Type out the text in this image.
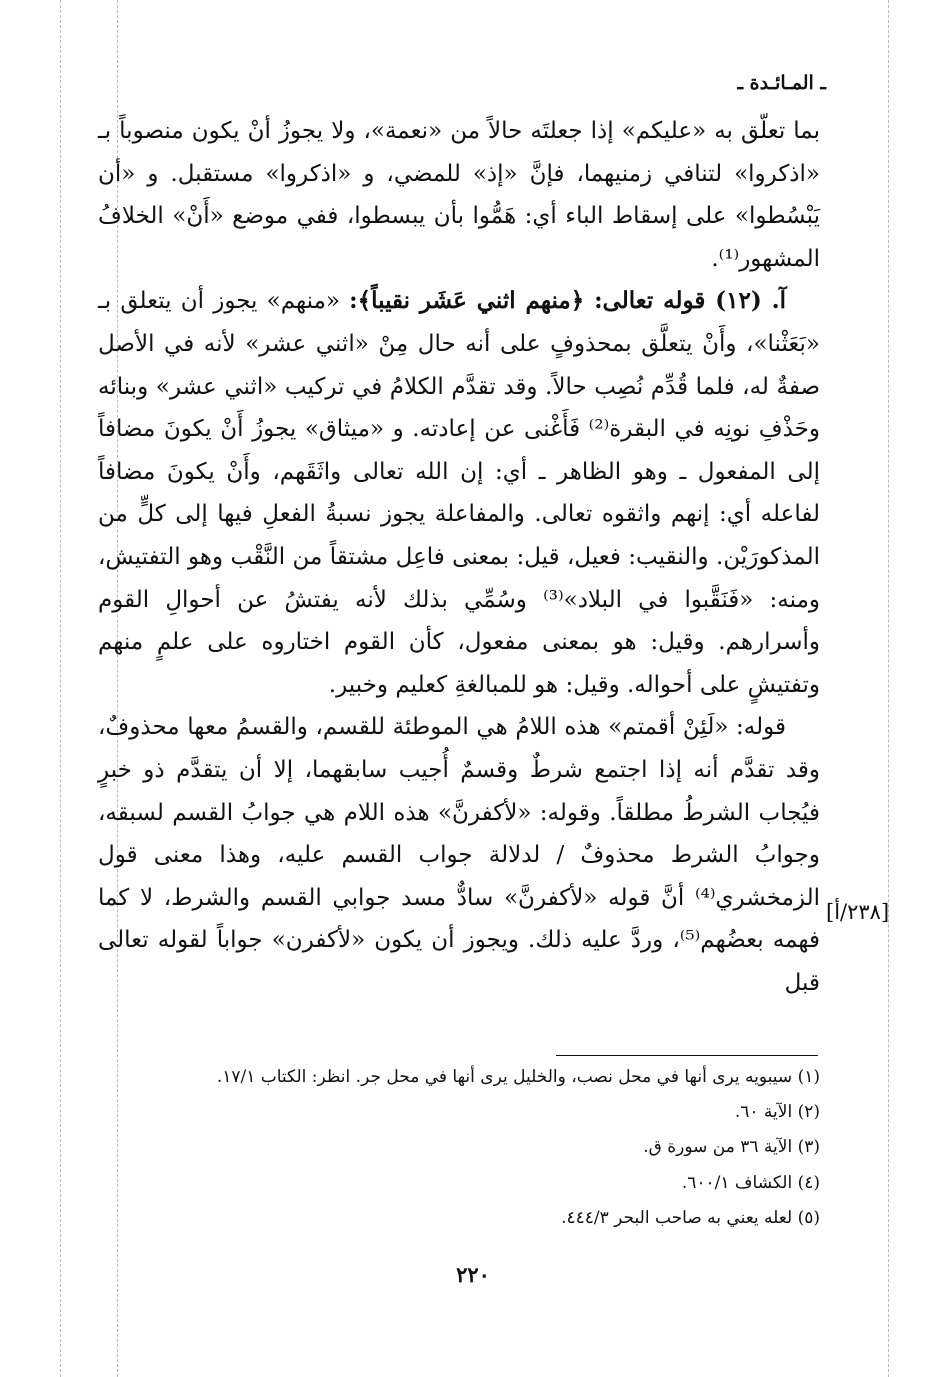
ـ المـائـدة ـ

بما تعلّق به «عليكم» إذا جعلتَه حالاً من «نعمة»، ولا يجوزُ أنْ يكون منصوباً بـ «اذكروا» لتنافي زمنيهما، فإنَّ «إذ» للمضي، و «اذكروا» مستقبل. و «أن يَبْسُطوا» على إسقاط الباء أي: هَمُّوا بأن يبسطوا، ففي موضع «أَنْ» الخلافُ المشهور⁽¹⁾.

آ. (١٢) قوله تعالى: ﴿منهم اثني عَشَر نقيباً﴾: «منهم» يجوز أن يتعلق بـ «بَعَثْنا»، وأَنْ يتعلَّق بمحذوفٍ على أنه حال مِنْ «اثني عشر» لأنه في الأصل صفةٌ له، فلما قُدِّم نُصِب حالاً. وقد تقدَّم الكلامُ في تركيب «اثني عشر» وبنائه وحَذْفِ نونِه في البقرة⁽²⁾ فَأَغْنى عن إعادته. و «ميثاق» يجوزُ أَنْ يكونَ مضافاً إلى المفعول ـ وهو الظاهر ـ أي: إن الله تعالى واثَقَهم، وأَنْ يكونَ مضافاً لفاعله أي: إنهم واثقوه تعالى. والمفاعلة يجوز نسبةُ الفعلِ فيها إلى كلٍّ من المذكورَيْن. والنقيب: فعيل، قيل: بمعنى فاعِل مشتقاً من النَّقْب وهو التفتيش، ومنه: «فَنَقَّبوا في البلاد»⁽³⁾ وسُمِّي بذلك لأنه يفتشُ عن أحوالِ القوم وأسرارهم. وقيل: هو بمعنى مفعول، كأن القوم اختاروه على علمٍ منهم وتفتيشٍ على أحواله. وقيل: هو للمبالغةِ كعليم وخبير.

قوله: «لَئِنْ أقمتم» هذه اللامُ هي الموطئة للقسم، والقسمُ معها محذوفٌ، وقد تقدَّم أنه إذا اجتمع شرطٌ وقسمٌ أُجيب سابقهما، إلا أن يتقدَّم ذو خبرٍ فيُجاب الشرطُ مطلقاً. وقوله: «لأكفرنَّ» هذه اللام هي جوابُ القسم لسبقه، وجوابُ الشرط محذوفٌ / لدلالة جواب القسم عليه، وهذا معنى قول الزمخشري⁽⁴⁾ أنَّ قوله «لأكفرنَّ» سادٌّ مسد جوابي القسم والشرط، لا كما فهمه بعضُهم⁽⁵⁾، وردَّ عليه ذلك. ويجوز أن يكون «لأكفرن» جواباً لقوله تعالى قبل

[٢٣٨/أ]
(١) سيبويه يرى أنها في محل نصب، والخليل يرى أنها في محل جر. انظر: الكتاب ١٧/١.
(٢) الآية ٦٠.
(٣) الآية ٣٦ من سورة ق.
(٤) الكشاف ٦٠٠/١.
(٥) لعله يعني به صاحب البحر ٤٤٤/٣.
٢٢٠
